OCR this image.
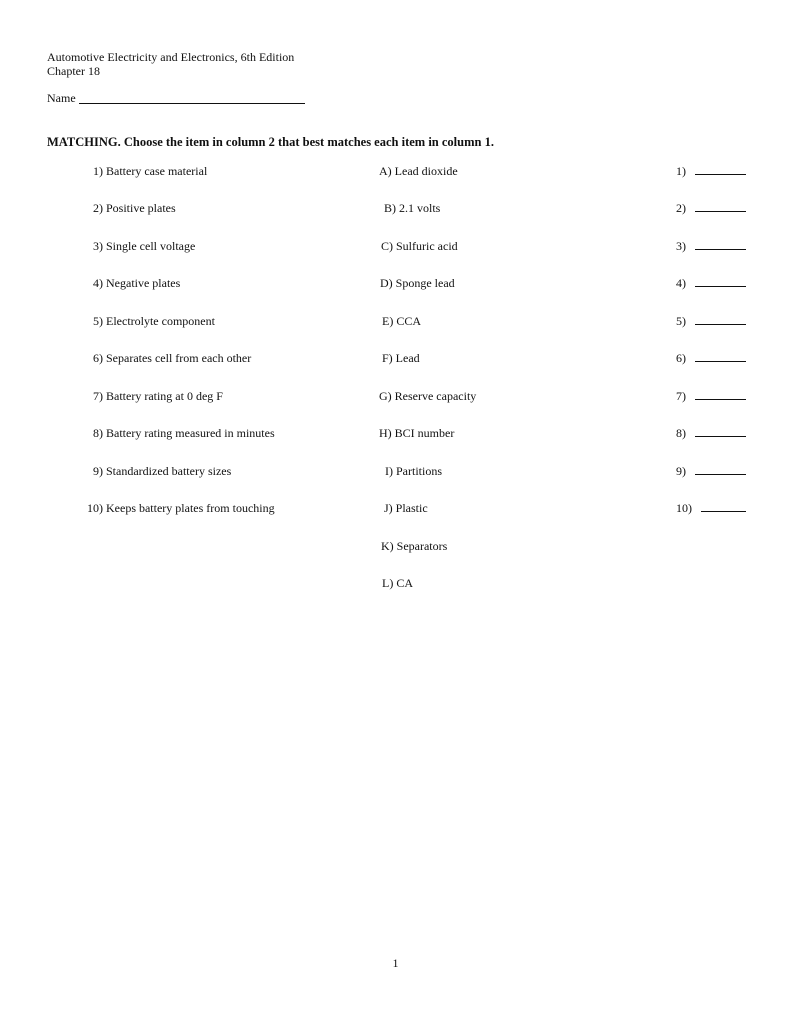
Automotive Electricity and Electronics, 6th Edition
Chapter 18
Name
MATCHING. Choose the item in column 2 that best matches each item in column 1.
1) Battery case material	A) Lead dioxide	1)
2) Positive plates	B) 2.1 volts	2)
3) Single cell voltage	C) Sulfuric acid	3)
4) Negative plates	D) Sponge lead	4)
5) Electrolyte component	E) CCA	5)
6) Separates cell from each other	F) Lead	6)
7) Battery rating at 0 deg F	G) Reserve capacity	7)
8) Battery rating measured in minutes	H) BCI number	8)
9) Standardized battery sizes	I) Partitions	9)
10) Keeps battery plates from touching	J) Plastic	10)
K) Separators
L) CA
1
